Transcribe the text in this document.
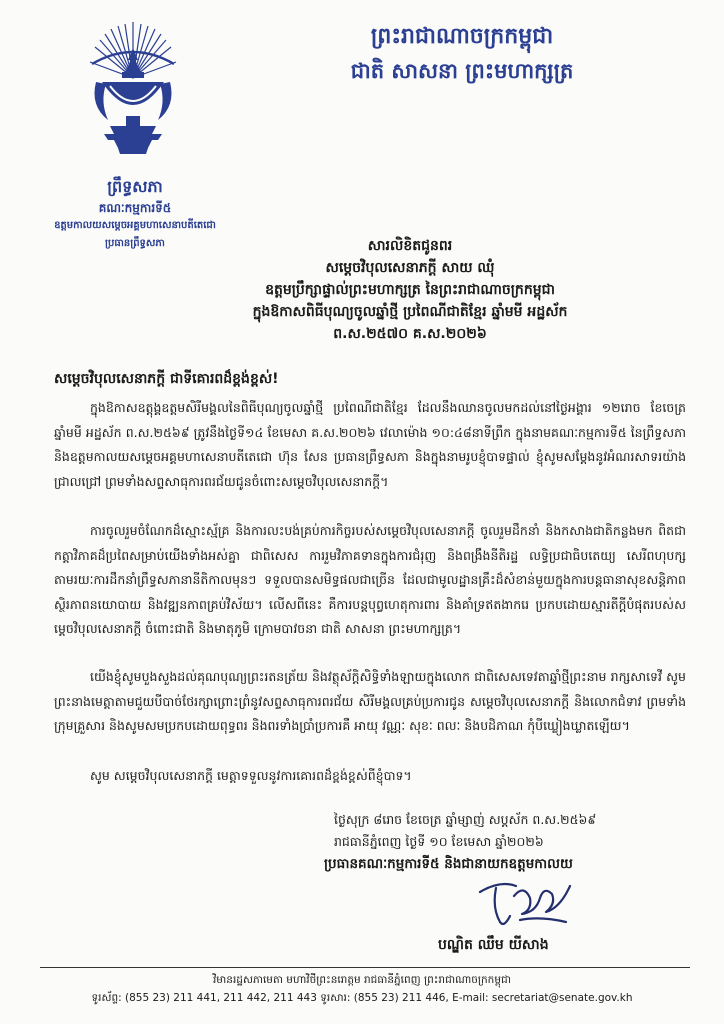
ព្រះរាជាណាចក្រកម្ពុជា
ជាតិ សាសនា ព្រះមហាក្សត្រ
ព្រឹទ្ធសភា
គណៈកម្មការទី៥
ឧត្តមកាលយសម្តេចអគ្គមហាសេនាបតីតេជោ
ប្រធានព្រឹទ្ធសភា	សារលិខិតជូនពរ
សម្តេចវិបុលសេនាភក្តី សាយ ឈុំ
ឧត្តមប្រឹក្សាផ្ទាល់ព្រះមហាក្សត្រ នៃព្រះរាជាណាចក្រកម្ពុជា
ក្នុងឱកាសពិធីបុណ្យចូលឆ្នាំថ្មី ប្រពៃណីជាតិខ្មែរ ឆ្នាំមមី អដ្ឋស័ក
ព.ស.២៥៧០ គ.ស.២០២៦
សម្តេចវិបុលសេនាភក្តី ជាទីគោរពដ៏ខ្ពង់ខ្ពស់!
ក្នុងឱកាសឧត្តុង្គឧត្តមសិរីមង្គលនៃពិធីបុណ្យចូលឆ្នាំថ្មី ប្រពៃណីជាតិខ្មែរ ដែលនឹងឈានចូលមកដល់នៅថ្ងៃអង្គារ ១២រោច ខែចេត្រ ឆ្នាំមមី អដ្ឋស័ក ព.ស.២៥៦៩ ត្រូវនឹងថ្ងៃទី១៤ ខែមេសា គ.ស.២០២៦ វេលាម៉ោង ១០:៤៨នាទីព្រឹក ក្នុងនាមគណៈកម្មការទី៥ នៃព្រឹទ្ធសភា និងឧត្តមកាលយសម្តេចអគ្គមហាសេនាបតីតេជោ ហ៊ុន សែន ប្រធានព្រឹទ្ធសភា និងក្នុងនាមរូបខ្ញុំបាទផ្ទាល់ ខ្ញុំសូមសម្តែងនូវអំណរសាទរយ៉ាងជ្រាលជ្រៅ ព្រមទាំងសព្ទសាធុការពរជ័យជូនចំពោះសម្តេចវិបុលសេនាភក្តី។
ការចូលរួមចំណែកដ៏ស្មោះស្ម័គ្រ និងការលះបង់គ្រប់ការកិច្ចរបស់សម្តេចវិបុលសេនាភក្តី ចូលរួមដឹកនាំ និងកសាងជាតិកន្លងមក ពិតជាកត្តាវិភាគដ៏ប្រពៃសម្រាប់យើងទាំងអស់គ្នា ជាពិសេស ការរួមវិភាគទានក្នុងការជំរុញ និងពង្រឹងនីតិរដ្ឋ លទ្ធិប្រជាធិបតេយ្យ សេរីពហុបក្ស តាមរយៈការដឹកនាំព្រឹទ្ធសភានានីតិកាលមុនៗ ទទួលបានសមិទ្ធផលជាច្រើន ដែលជាមូលដ្ឋានគ្រឹះដ៏សំខាន់មួយក្នុងការបន្តធានាសុខសន្តិភាព ស្ថិរភាពនយោបាយ និងវឌ្ឍនភាពគ្រប់វិស័យ។ លើសពីនេះ គឺការបន្តបុព្វហេតុការពារ និងគាំទ្រឥតងាករេ ប្រកបដោយស្មារតីក្តីបំផុតរបស់សម្តេចវិបុលសេនាភក្តី ចំពោះជាតិ និងមាតុភូមិ ក្រោមបាវចនា ជាតិ សាសនា ព្រះមហាក្សត្រ។
យើងខ្ញុំសូមបួងសួងដល់គុណបុណ្យព្រះរតនត្រ័យ និងវត្ថុស័ក្តិសិទ្ធិទាំងឡាយក្នុងលោក ជាពិសេសទេវតាឆ្នាំថ្មីព្រះនាម រាក្សសាទេវី សូមព្រះនាងមេត្តាតាមជួយបីបាច់ថែរក្សាព្រោះព្រំនូវសព្ទសាធុការពរជ័យ សិរីមង្គលគ្រប់ប្រការជូន សម្តេចវិបុលសេនាភក្តី និងលោកជំទាវ ព្រមទាំងក្រុមគ្រួសារ និងសូមសមប្រកបដោយពុទ្ធពរ និងពរទាំងប្រាំប្រការគឺ អាយុ វណ្ណៈ សុខៈ ពលៈ និងបដិភាណ កុំបីឃ្លៀងឃ្លាតឡើយ។
សូម សម្តេចវិបុលសេនាភក្តី មេត្តាទទួលនូវការគោរពដ៏ខ្ពង់ខ្ពស់ពីខ្ញុំបាទ។
ថ្ងៃសុក្រ ៨រោច ខែចេត្រ ឆ្នាំម្សាញ់ សប្តស័ក ព.ស.២៥៦៩
រាជធានីភ្នំពេញ ថ្ងៃទី ១០ ខែមេសា ឆ្នាំ២០២៦
ប្រធានគណៈកម្មការទី៥ និងជានាយកឧត្តមកាលយ
បណ្ឌិត ឈឹម យីសាង
វិមានរដ្ឋសភាមេតា មហាវិថីព្រះនរោត្តម រាជធានីភ្នំពេញ ព្រះរាជាណាចក្រកម្ពុជា
ទូរស័ព្ទ: (855 23) 211 441, 211 442, 211 443 ទូរសារ: (855 23) 211 446, E-mail: secretariat@senate.gov.kh
